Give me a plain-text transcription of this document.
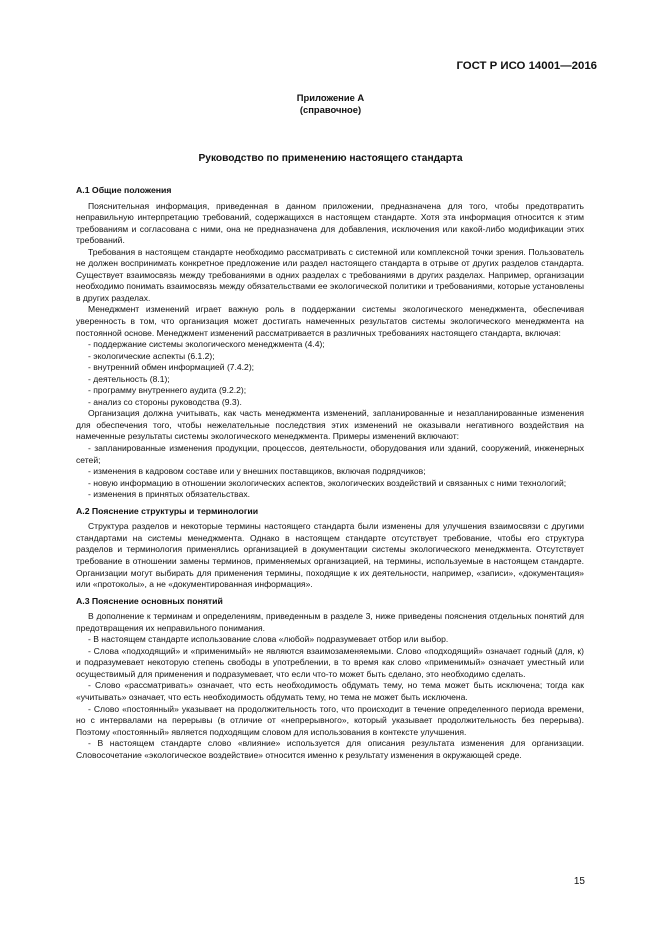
ГОСТ Р ИСО 14001—2016
Приложение А
(справочное)
Руководство по применению настоящего стандарта
А.1 Общие положения

Пояснительная информация, приведенная в данном приложении, предназначена для того, чтобы предотвратить неправильную интерпретацию требований, содержащихся в настоящем стандарте. Хотя эта информация относится к этим требованиям и согласована с ними, она не предназначена для добавления, исключения или какой-либо модификации этих требований.

Требования в настоящем стандарте необходимо рассматривать с системной или комплексной точки зрения. Пользователь не должен воспринимать конкретное предложение или раздел настоящего стандарта в отрыве от других разделов стандарта. Существует взаимосвязь между требованиями в одних разделах с требованиями в других разделах. Например, организации необходимо понимать взаимосвязь между обязательствами ее экологической политики и требованиями, которые установлены в других разделах.

Менеджмент изменений играет важную роль в поддержании системы экологического менеджмента, обеспечивая уверенность в том, что организация может достигать намеченных результатов системы экологического менеджмента на постоянной основе. Менеджмент изменений рассматривается в различных требованиях настоящего стандарта, включая:

- поддержание системы экологического менеджмента (4.4);

- экологические аспекты (6.1.2);

- внутренний обмен информацией (7.4.2);

- деятельность (8.1);

- программу внутреннего аудита (9.2.2);

- анализ со стороны руководства (9.3).

Организация должна учитывать, как часть менеджмента изменений, запланированные и незапланированные изменения для обеспечения того, чтобы нежелательные последствия этих изменений не оказывали негативного воздействия на намеченные результаты системы экологического менеджмента. Примеры изменений включают:

- запланированные изменения продукции, процессов, деятельности, оборудования или зданий, сооружений, инженерных сетей;

- изменения в кадровом составе или у внешних поставщиков, включая подрядчиков;

- новую информацию в отношении экологических аспектов, экологических воздействий и связанных с ними технологий;

- изменения в принятых обязательствах.

А.2 Пояснение структуры и терминологии

Структура разделов и некоторые термины настоящего стандарта были изменены для улучшения взаимосвязи с другими стандартами на системы менеджмента. Однако в настоящем стандарте отсутствует требование, чтобы его структура разделов и терминология применялись организацией в документации системы экологического менеджмента. Отсутствует требование в отношении замены терминов, применяемых организацией, на термины, используемые в настоящем стандарте. Организации могут выбирать для применения термины, походящие к их деятельности, например, «записи», «документация» или «протоколы», а не «документированная информация».

А.3 Пояснение основных понятий

В дополнение к терминам и определениям, приведенным в разделе 3, ниже приведены пояснения отдельных понятий для предотвращения их неправильного понимания.

- В настоящем стандарте использование слова «любой» подразумевает отбор или выбор.

- Слова «подходящий» и «применимый» не являются взаимозаменяемыми. Слово «подходящий» означает годный (для, к) и подразумевает некоторую степень свободы в употреблении, в то время как слово «применимый» означает уместный или осуществимый для применения и подразумевает, что если что-то может быть сделано, это необходимо сделать.

- Слово «рассматривать» означает, что есть необходимость обдумать тему, но тема может быть исключена; тогда как «учитывать» означает, что есть необходимость обдумать тему, но тема не может быть исключена.

- Слово «постоянный» указывает на продолжительность того, что происходит в течение определенного периода времени, но с интервалами на перерывы (в отличие от «непрерывного», который указывает продолжительность без перерыва). Поэтому «постоянный» является подходящим словом для использования в контексте улучшения.

- В настоящем стандарте слово «влияние» используется для описания результата изменения для организации. Словосочетание «экологическое воздействие» относится именно к результату изменения в окружающей среде.

15
